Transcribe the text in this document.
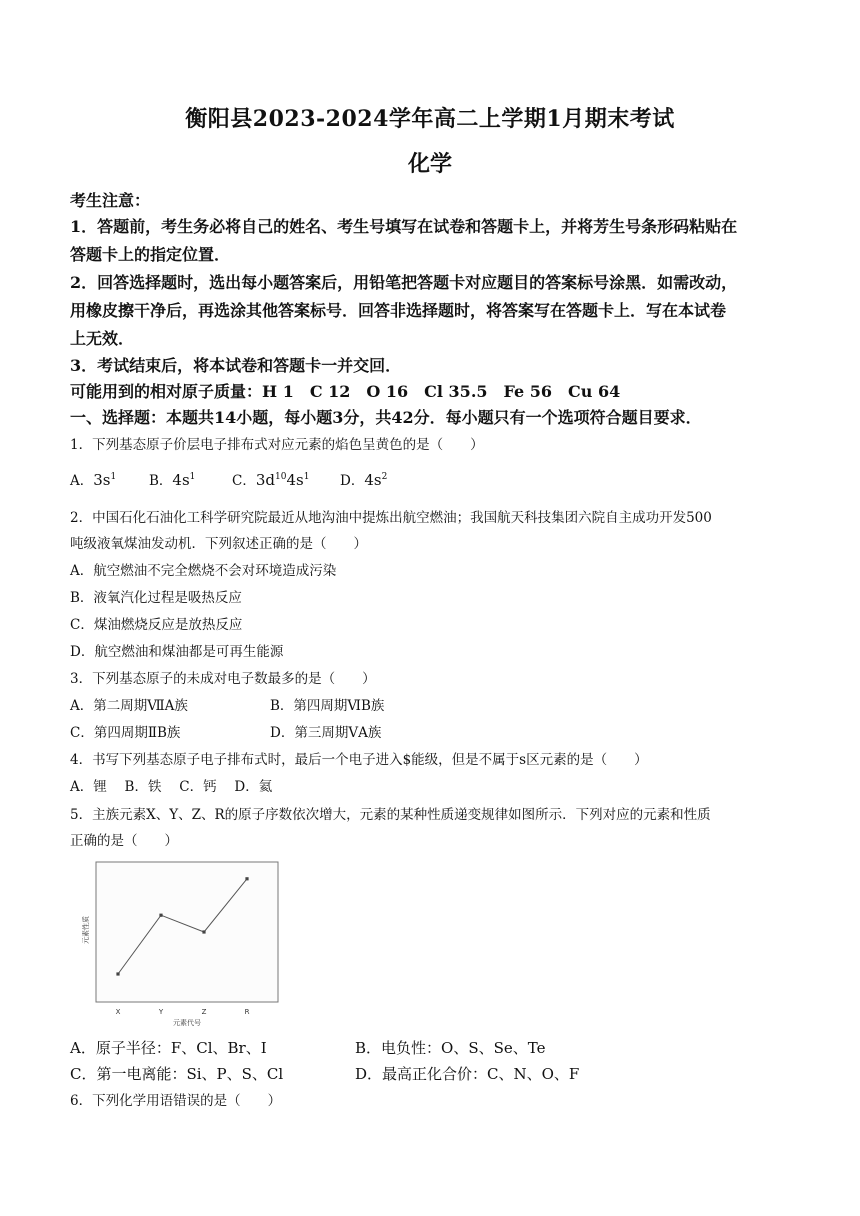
衡阳县2023-2024学年高二上学期1月期末考试
化学
考生注意：
1．答题前，考生务必将自己的姓名、考生号填写在试卷和答题卡上，并将芳生号条形码粘贴在
答题卡上的指定位置．
2．回答选择题时，选出每小题答案后，用铅笔把答题卡对应题目的答案标号涂黑．如需改动，
用橡皮擦干净后，再选涂其他答案标号．回答非选择题时，将答案写在答题卡上．写在本试卷
上无效．
3．考试结束后，将本试卷和答题卡一并交回．
可能用到的相对原子质量：H 1　C 12　O 16　Cl 35.5　Fe 56　Cu 64
一、选择题：本题共14小题，每小题3分，共42分．每小题只有一个选项符合题目要求．
1．下列基态原子价层电子排布式对应元素的焰色呈黄色的是（　　）
A．$3s^1$ B．$4s^1$	C．$3d^{10}4s^1$ D．$4s^2$
2．中国石化石油化工科学研究院最近从地沟油中提炼出航空燃油；我国航天科技集团六院自主成功开发500
吨级液氧煤油发动机．下列叙述正确的是（　　）
A．航空燃油不完全燃烧不会对环境造成污染
B．液氧汽化过程是吸热反应
C．煤油燃烧反应是放热反应
D．航空燃油和煤油都是可再生能源
3．下列基态原子的未成对电子数最多的是（　　）
A．第二周期ⅦA族	B．第四周期ⅥB族
C．第四周期ⅡB族	D．第三周期ⅤA族
4．书写下列基态原子电子排布式时，最后一个电子进入$能级，但是不属于s区元素的是（　　）
A．锂　 B．铁　 C．钙　 D．氦
5．主族元素X、Y、Z、R的原子序数依次增大，元素的某种性质递变规律如图所示．下列对应的元素和性质
正确的是（　　）
元素性质
元素代号
X	Y	Z	R
A．原子半径：F、Cl、Br、I	B．电负性：O、S、Se、Te
C．第一电离能：Si、P、S、Cl	D．最高正化合价：C、N、O、F
6．下列化学用语错误的是（　　）
